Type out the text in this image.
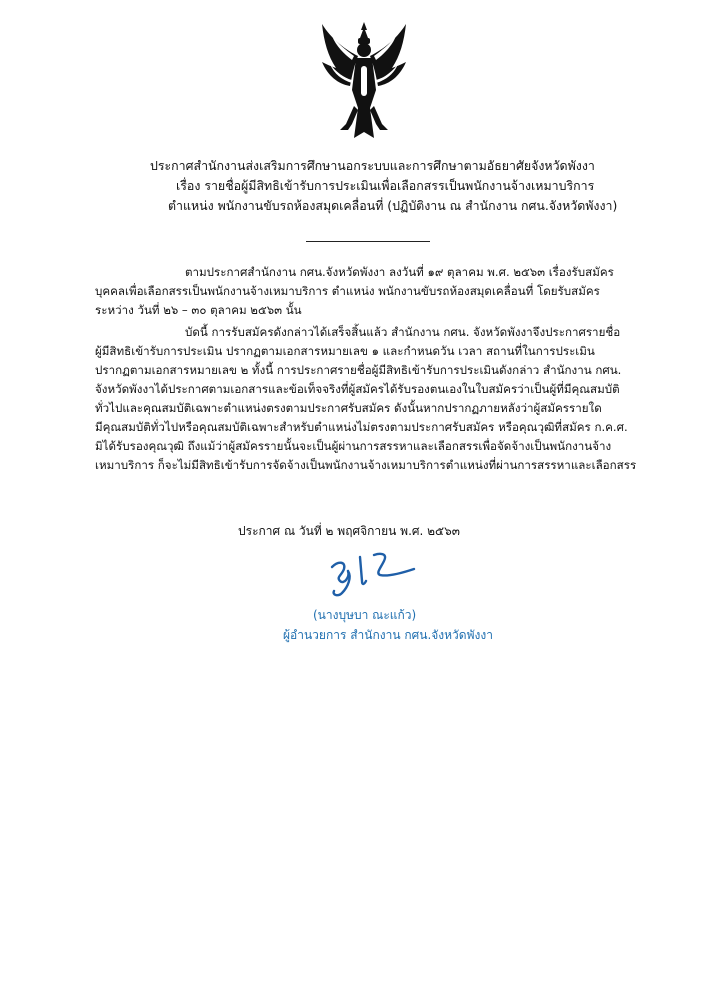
ประกาศสำนักงานส่งเสริมการศึกษานอกระบบและการศึกษาตามอัธยาศัยจังหวัดพังงา
เรื่อง รายชื่อผู้มีสิทธิเข้ารับการประเมินเพื่อเลือกสรรเป็นพนักงานจ้างเหมาบริการ
ตำแหน่ง พนักงานขับรถห้องสมุดเคลื่อนที่ (ปฏิบัติงาน ณ สำนักงาน กศน.จังหวัดพังงา)
ตามประกาศสำนักงาน กศน.จังหวัดพังงา ลงวันที่ ๑๙ ตุลาคม พ.ศ. ๒๕๖๓ เรื่องรับสมัคร
บุคคลเพื่อเลือกสรรเป็นพนักงานจ้างเหมาบริการ ตำแหน่ง พนักงานขับรถห้องสมุดเคลื่อนที่ โดยรับสมัคร
ระหว่าง วันที่ ๒๖ – ๓๐ ตุลาคม ๒๕๖๓ นั้น
บัดนี้ การรับสมัครดังกล่าวได้เสร็จสิ้นแล้ว สำนักงาน กศน. จังหวัดพังงาจึงประกาศรายชื่อ
ผู้มีสิทธิเข้ารับการประเมิน ปรากฏตามเอกสารหมายเลข ๑ และกำหนดวัน เวลา สถานที่ในการประเมิน
ปรากฏตามเอกสารหมายเลข ๒ ทั้งนี้ การประกาศรายชื่อผู้มีสิทธิเข้ารับการประเมินดังกล่าว สำนักงาน กศน.
จังหวัดพังงาได้ประกาศตามเอกสารและข้อเท็จจริงที่ผู้สมัครได้รับรองตนเองในใบสมัครว่าเป็นผู้ที่มีคุณสมบัติ
ทั่วไปและคุณสมบัติเฉพาะตำแหน่งตรงตามประกาศรับสมัคร ดังนั้นหากปรากฏภายหลังว่าผู้สมัครรายใด
มีคุณสมบัติทั่วไปหรือคุณสมบัติเฉพาะสำหรับตำแหน่งไม่ตรงตามประกาศรับสมัคร หรือคุณวุฒิที่สมัคร ก.ค.ศ.
มิได้รับรองคุณวุฒิ ถึงแม้ว่าผู้สมัครรายนั้นจะเป็นผู้ผ่านการสรรหาและเลือกสรรเพื่อจัดจ้างเป็นพนักงานจ้าง
เหมาบริการ ก็จะไม่มีสิทธิเข้ารับการจัดจ้างเป็นพนักงานจ้างเหมาบริการตำแหน่งที่ผ่านการสรรหาและเลือกสรร
ประกาศ ณ วันที่ ๒ พฤศจิกายน พ.ศ. ๒๕๖๓
(นางบุษบา ณะแก้ว)
ผู้อำนวยการ สำนักงาน กศน.จังหวัดพังงา
